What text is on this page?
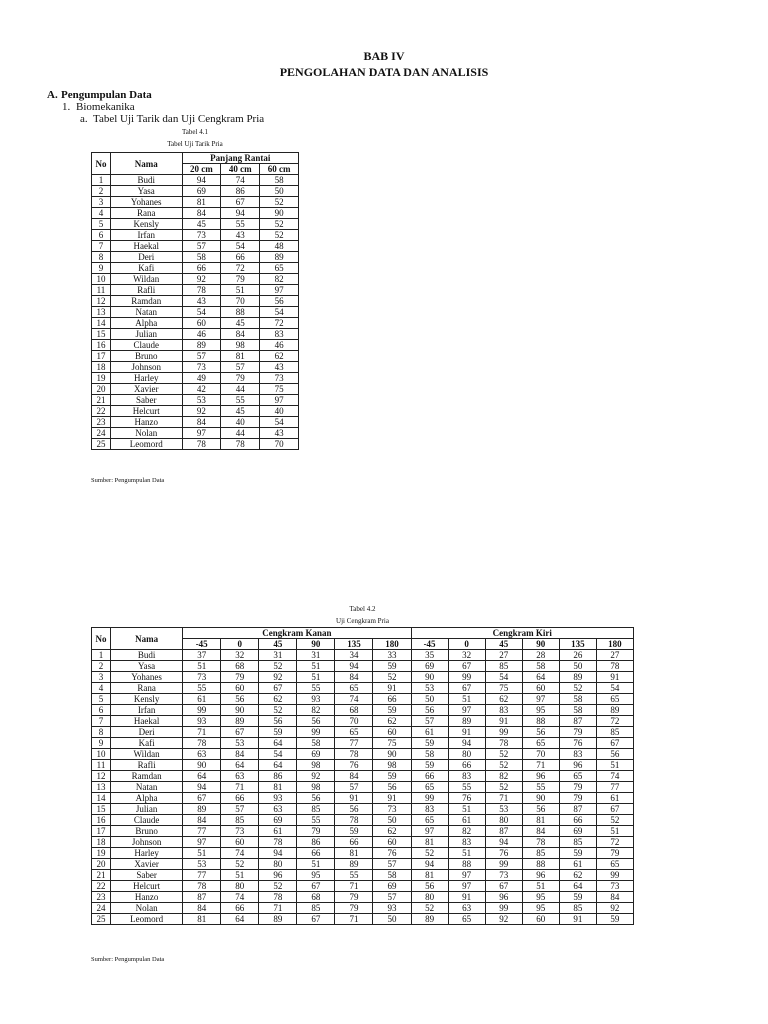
BAB IV
PENGOLAHAN DATA DAN ANALISIS
A. Pengumpulan Data
1. Biomekanika
a. Tabel Uji Tarik dan Uji Cengkram Pria
Tabel 4.1
Tabel Uji Tarik Pria
No	Nama	Panjang Rantai		
		20 cm	40 cm	60 cm
1	Budi	94	74	58
2	Yasa	69	86	50
3	Yohanes	81	67	52
4	Rana	84	94	90
5	Kensly	45	55	52
6	Irfan	73	43	52
7	Haekal	57	54	48
8	Deri	58	66	89
9	Kafi	66	72	65
10	Wildan	92	79	82
11	Rafli	78	51	97
12	Ramdan	43	70	56
13	Natan	54	88	54
14	Alpha	60	45	72
15	Julian	46	84	83
16	Claude	89	98	46
17	Bruno	57	81	62
18	Johnson	73	57	43
19	Harley	49	79	73
20	Xavier	42	44	75
21	Saber	53	55	97
22	Helcurt	92	45	40
23	Hanzo	84	40	54
24	Nolan	97	44	43
25	Leomord	78	78	70
Sumber: Pengumpulan Data
Tabel 4.2
Uji Cengkram Pria
No	Nama	Cengkram Kanan						Cengkram Kiri					
		-45	0	45	90	135	180	-45	0	45	90	135	180
1	Budi	37	32	31	31	34	33	35	32	27	28	26	27
2	Yasa	51	68	52	51	94	59	69	67	85	58	50	78
3	Yohanes	73	79	92	51	84	52	90	99	54	64	89	91
4	Rana	55	60	67	55	65	91	53	67	75	60	52	54
5	Kensly	61	56	62	93	74	66	50	51	62	97	58	65
6	Irfan	99	90	52	82	68	59	56	97	83	95	58	89
7	Haekal	93	89	56	56	70	62	57	89	91	88	87	72
8	Deri	71	67	59	99	65	60	61	91	99	56	79	85
9	Kafi	78	53	64	58	77	75	59	94	78	65	76	67
10	Wildan	63	84	54	69	78	90	58	80	52	70	83	56
11	Rafli	90	64	64	98	76	98	59	66	52	71	96	51
12	Ramdan	64	63	86	92	84	59	66	83	82	96	65	74
13	Natan	94	71	81	98	57	56	65	55	52	55	79	77
14	Alpha	67	66	93	56	91	91	99	76	71	90	79	61
15	Julian	89	57	63	85	56	73	83	51	53	56	87	67
16	Claude	84	85	69	55	78	50	65	61	80	81	66	52
17	Bruno	77	73	61	79	59	62	97	82	87	84	69	51
18	Johnson	97	60	78	86	66	60	81	83	94	78	85	72
19	Harley	51	74	94	66	81	76	52	51	76	85	59	79
20	Xavier	53	52	80	51	89	57	94	88	99	88	61	65
21	Saber	77	51	96	95	55	58	81	97	73	96	62	99
22	Helcurt	78	80	52	67	71	69	56	97	67	51	64	73
23	Hanzo	87	74	78	68	79	57	80	91	96	95	59	84
24	Nolan	84	66	71	85	79	93	52	63	99	95	85	92
25	Leomord	81	64	89	67	71	50	89	65	92	60	91	59
Sumber: Pengumpulan Data
